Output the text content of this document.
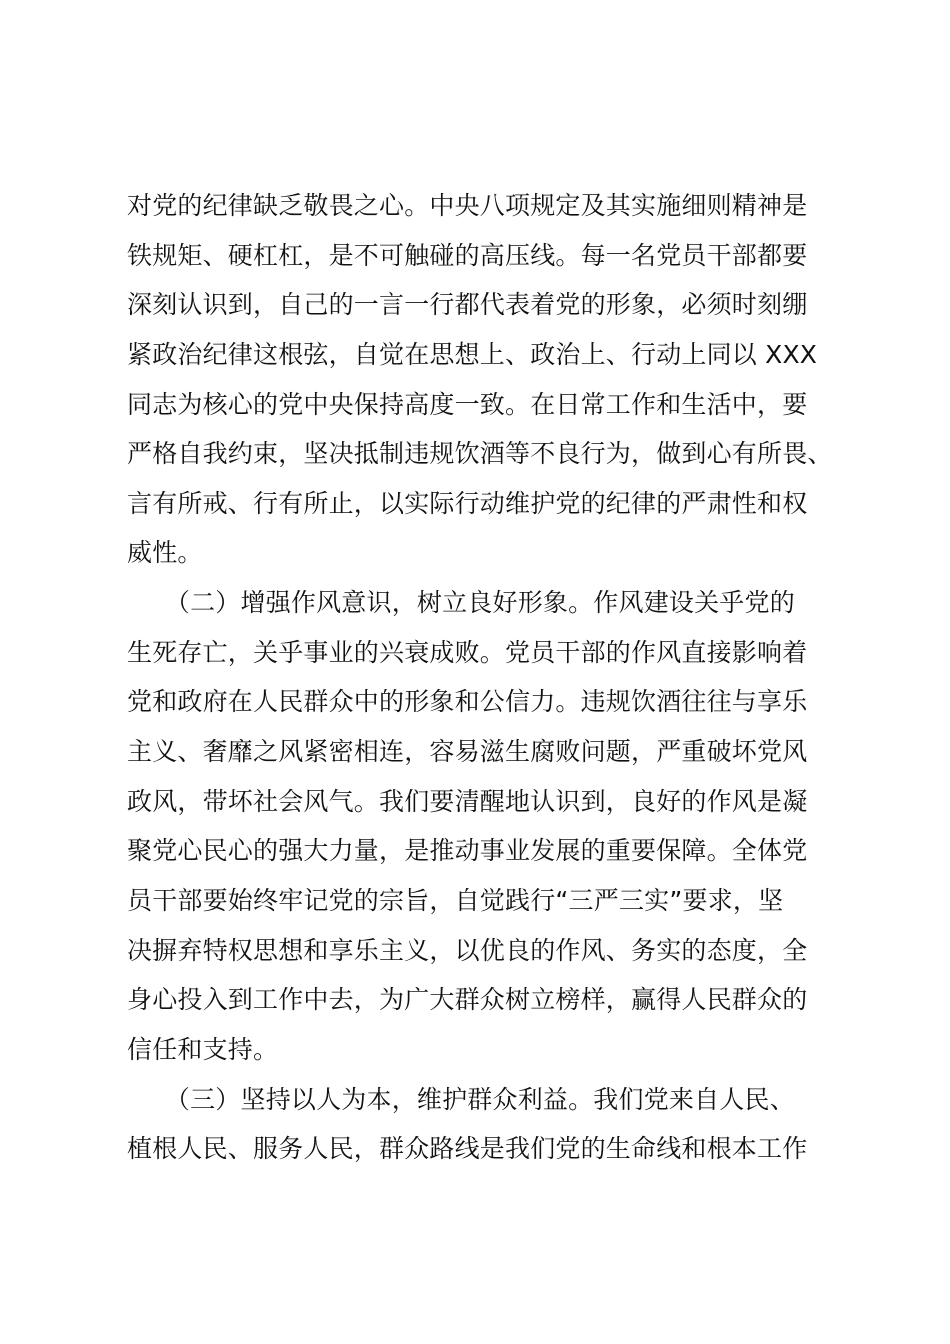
对党的纪律缺乏敬畏之心。中央八项规定及其实施细则精神是
铁规矩、硬杠杠，是不可触碰的高压线。每一名党员干部都要
深刻认识到，自己的一言一行都代表着党的形象，必须时刻绷
紧政治纪律这根弦，自觉在思想上、政治上、行动上同以 XXX
同志为核心的党中央保持高度一致。在日常工作和生活中，要
严格自我约束，坚决抵制违规饮酒等不良行为，做到心有所畏、
言有所戒、行有所止，以实际行动维护党的纪律的严肃性和权
威性。
　　（二）增强作风意识，树立良好形象。作风建设关乎党的
生死存亡，关乎事业的兴衰成败。党员干部的作风直接影响着
党和政府在人民群众中的形象和公信力。违规饮酒往往与享乐
主义、奢靡之风紧密相连，容易滋生腐败问题，严重破坏党风
政风，带坏社会风气。我们要清醒地认识到，良好的作风是凝
聚党心民心的强大力量，是推动事业发展的重要保障。全体党
员干部要始终牢记党的宗旨，自觉践行“三严三实”要求，坚
决摒弃特权思想和享乐主义，以优良的作风、务实的态度，全
身心投入到工作中去，为广大群众树立榜样，赢得人民群众的
信任和支持。
　　（三）坚持以人为本，维护群众利益。我们党来自人民、
植根人民、服务人民，群众路线是我们党的生命线和根本工作
